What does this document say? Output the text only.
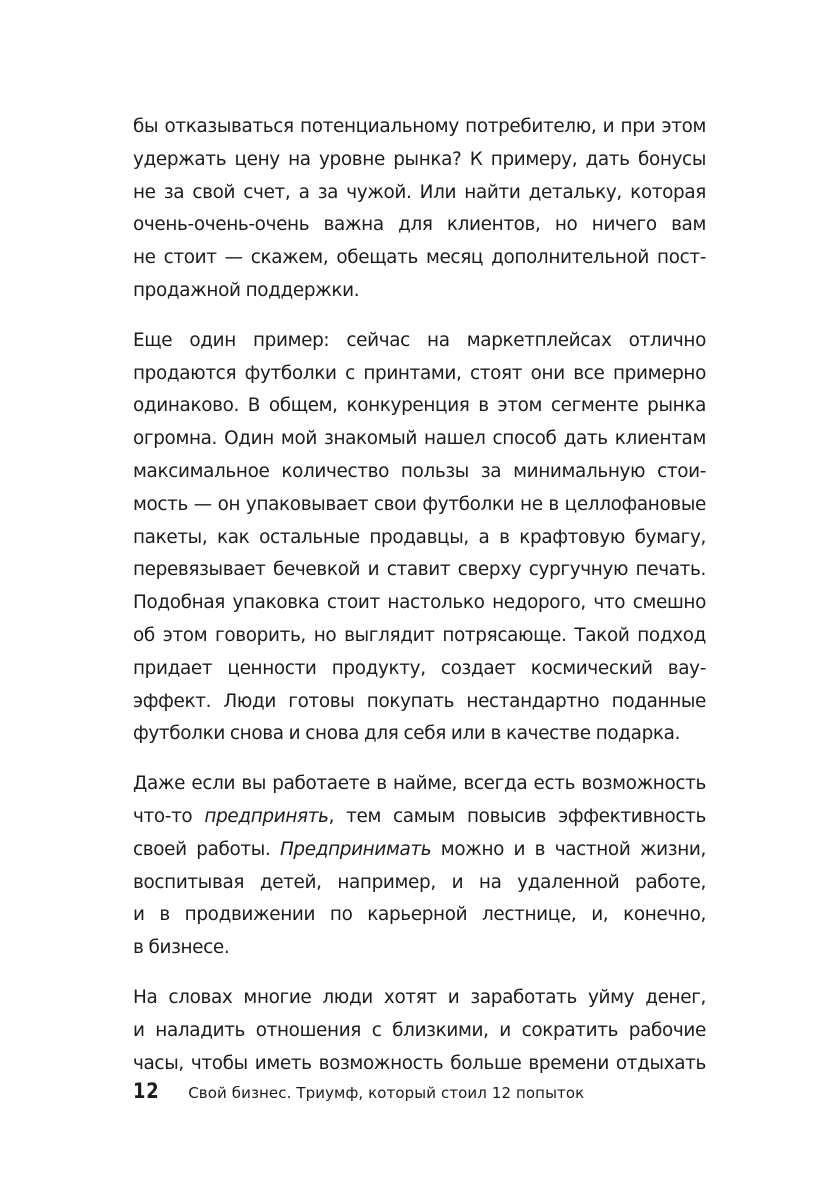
бы отказываться потенциальному потребителю, и при этом
удержать цену на уровне рынка? К примеру, дать бонусы
не за свой счет, а за чужой. Или найти детальку, которая
очень-очень-очень важна для клиентов, но ничего вам
не стоит — скажем, обещать месяц дополнительной пост-
продажной поддержки.

Еще один пример: сейчас на маркетплейсах отлично
продаются футболки с принтами, стоят они все примерно
одинаково. В общем, конкуренция в этом сегменте рынка
огромна. Один мой знакомый нашел способ дать клиентам
максимальное количество пользы за минимальную стои-
мость — он упаковывает свои футболки не в целлофановые
пакеты, как остальные продавцы, а в крафтовую бумагу,
перевязывает бечевкой и ставит сверху сургучную печать.
Подобная упаковка стоит настолько недорого, что смешно
об этом говорить, но выглядит потрясающе. Такой подход
придает ценности продукту, создает космический вау-
эффект. Люди готовы покупать нестандартно поданные
футболки снова и снова для себя или в качестве подарка.

Даже если вы работаете в найме, всегда есть возможность
что-то предпринять, тем самым повысив эффективность
своей работы. Предпринимать можно и в частной жизни,
воспитывая детей, например, и на удаленной работе,
и в продвижении по карьерной лестнице, и, конечно,
в бизнесе.

На словах многие люди хотят и заработать уйму денег,
и наладить отношения с близкими, и сократить рабочие
часы, чтобы иметь возможность больше времени отдыхать

12 Свой бизнес. Триумф, который стоил 12 попыток
